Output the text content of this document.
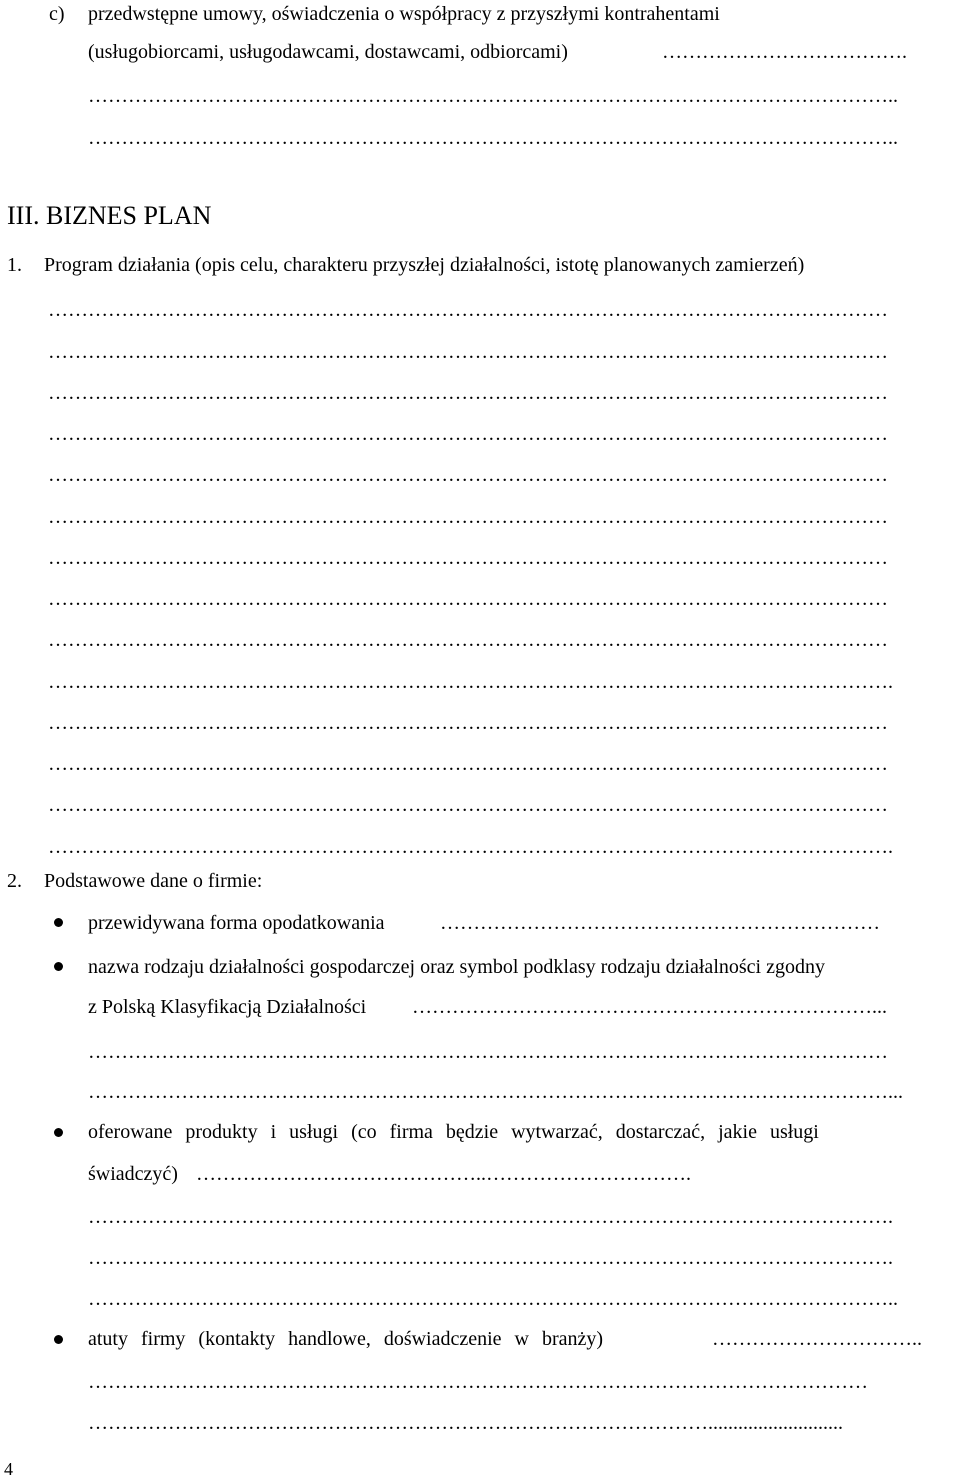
c) przedwstępne umowy, oświadczenia o współpracy z przyszłymi kontrahentami
(usługobiorcami, usługodawcami, dostawcami, odbiorcami)	……………………………….
…………………………………………………………………………………………………………..
…………………………………………………………………………………………………………..
III. BIZNES PLAN
1. Program działania (opis celu, charakteru przyszłej działalności, istotę planowanych zamierzeń)
………………………………………………………………………………………………………………
………………………………………………………………………………………………………………
………………………………………………………………………………………………………………
………………………………………………………………………………………………………………
………………………………………………………………………………………………………………
………………………………………………………………………………………………………………
………………………………………………………………………………………………………………
………………………………………………………………………………………………………………
………………………………………………………………………………………………………………
……………………………………………………………………………………………………………….
………………………………………………………………………………………………………………
………………………………………………………………………………………………………………
………………………………………………………………………………………………………………
……………………………………………………………………………………………………………….
2. Podstawowe dane o firmie:
przewidywana forma opodatkowania	…………………………………………………………
nazwa rodzaju działalności gospodarczej oraz symbol podklasy rodzaju działalności zgodny
z Polską Klasyfikacją Działalności ……………………………………………………………...
…………………………………………………………………………………………………………
…………………………………………………………………………………………………………...
oferowane produkty i usługi (co firma będzie wytwarzać, dostarczać, jakie usługi
świadczyć) ……………………………………..………………………….
………………………………………………………………………………………………………….
………………………………………………………………………………………………………….
…………………………………………………………………………………………………………..
atuty firmy (kontakty handlowe, doświadczenie w branży)	…………………………..
………………………………………………………………………………………………………
…………………………………………………………………………………...........................
4
